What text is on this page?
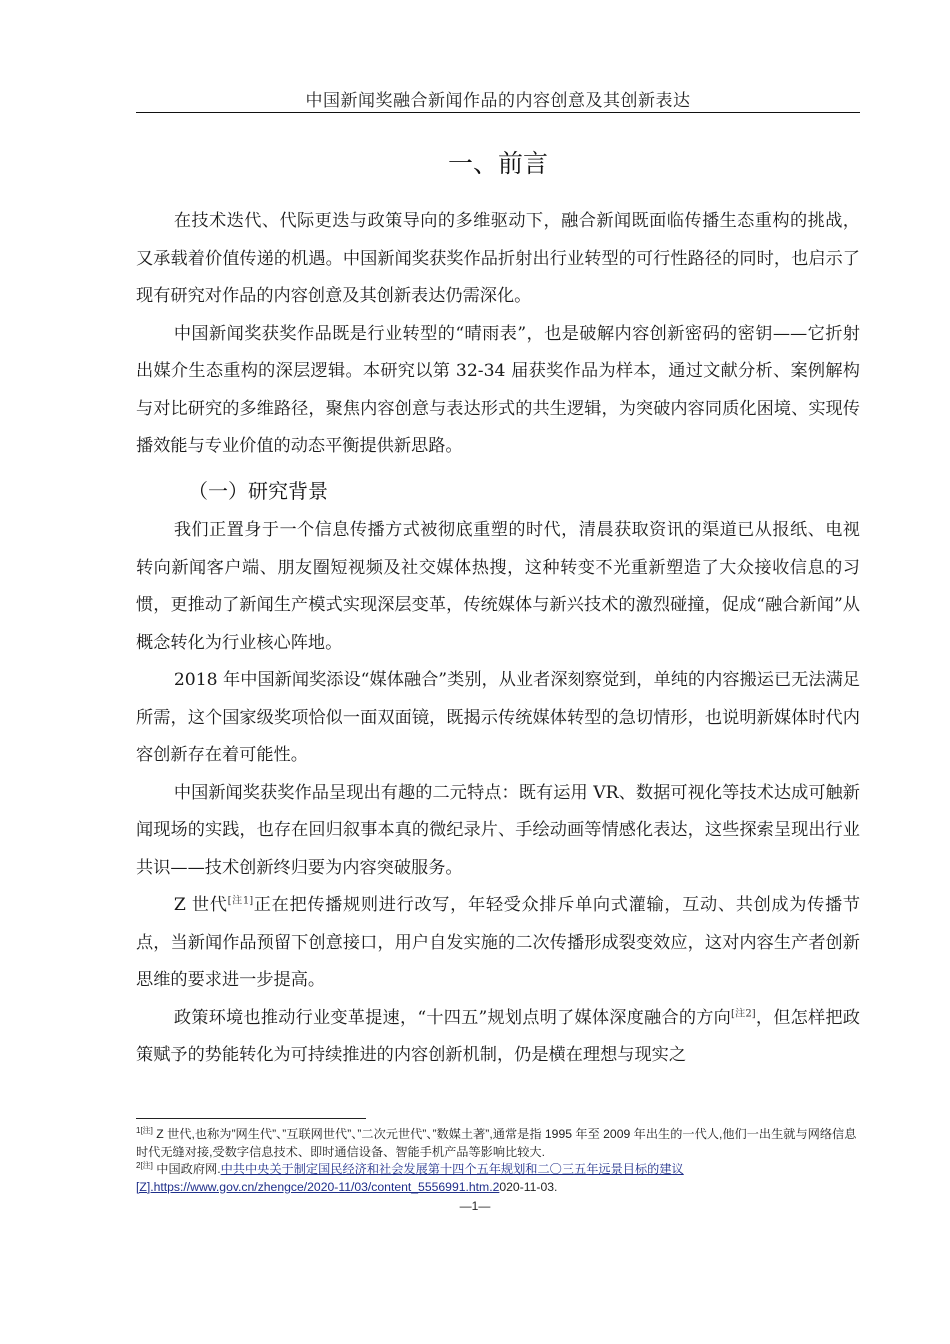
中国新闻奖融合新闻作品的内容创意及其创新表达
一、前言

在技术迭代、代际更迭与政策导向的多维驱动下，融合新闻既面临传播生态重构的挑战，又承载着价值传递的机遇。中国新闻奖获奖作品折射出行业转型的可行性路径的同时，也启示了现有研究对作品的内容创意及其创新表达仍需深化。

中国新闻奖获奖作品既是行业转型的“晴雨表”，也是破解内容创新密码的密钥——它折射出媒介生态重构的深层逻辑。本研究以第 32-34 届获奖作品为样本，通过文献分析、案例解构与对比研究的多维路径，聚焦内容创意与表达形式的共生逻辑，为突破内容同质化困境、实现传播效能与专业价值的动态平衡提供新思路。

（一）研究背景

我们正置身于一个信息传播方式被彻底重塑的时代，清晨获取资讯的渠道已从报纸、电视转向新闻客户端、朋友圈短视频及社交媒体热搜，这种转变不光重新塑造了大众接收信息的习惯，更推动了新闻生产模式实现深层变革，传统媒体与新兴技术的激烈碰撞，促成“融合新闻”从概念转化为行业核心阵地。

2018 年中国新闻奖添设“媒体融合”类别，从业者深刻察觉到，单纯的内容搬运已无法满足所需，这个国家级奖项恰似一面双面镜，既揭示传统媒体转型的急切情形，也说明新媒体时代内容创新存在着可能性。

中国新闻奖获奖作品呈现出有趣的二元特点：既有运用 VR、数据可视化等技术达成可触新闻现场的实践，也存在回归叙事本真的微纪录片、手绘动画等情感化表达，这些探索呈现出行业共识——技术创新终归要为内容突破服务。

Z 世代[注1]正在把传播规则进行改写，年轻受众排斥单向式灌输，互动、共创成为传播节点，当新闻作品预留下创意接口，用户自发实施的二次传播形成裂变效应，这对内容生产者创新思维的要求进一步提高。

政策环境也推动行业变革提速，“十四五”规划点明了媒体深度融合的方向[注2]，但怎样把政策赋予的势能转化为可持续推进的内容创新机制，仍是横在理想与现实之

$^{1[注]}$ Z 世代,也称为”网生代”、”互联网世代”、”二次元世代”、”数媒土著”,通常是指 1995 年至 2009 年出生的一代人,他们一出生就与网络信息时代无缝对接,受数字信息技术、即时通信设备、智能手机产品等影响比较大.

$^{2[注]}$ 中国政府网.中共中央关于制定国民经济和社会发展第十四个五年规划和二〇三五年远景目标的建议[Z].https://www.gov.cn/zhengce/2020-11/03/content_5556991.htm.2020-11-03.

—1—
